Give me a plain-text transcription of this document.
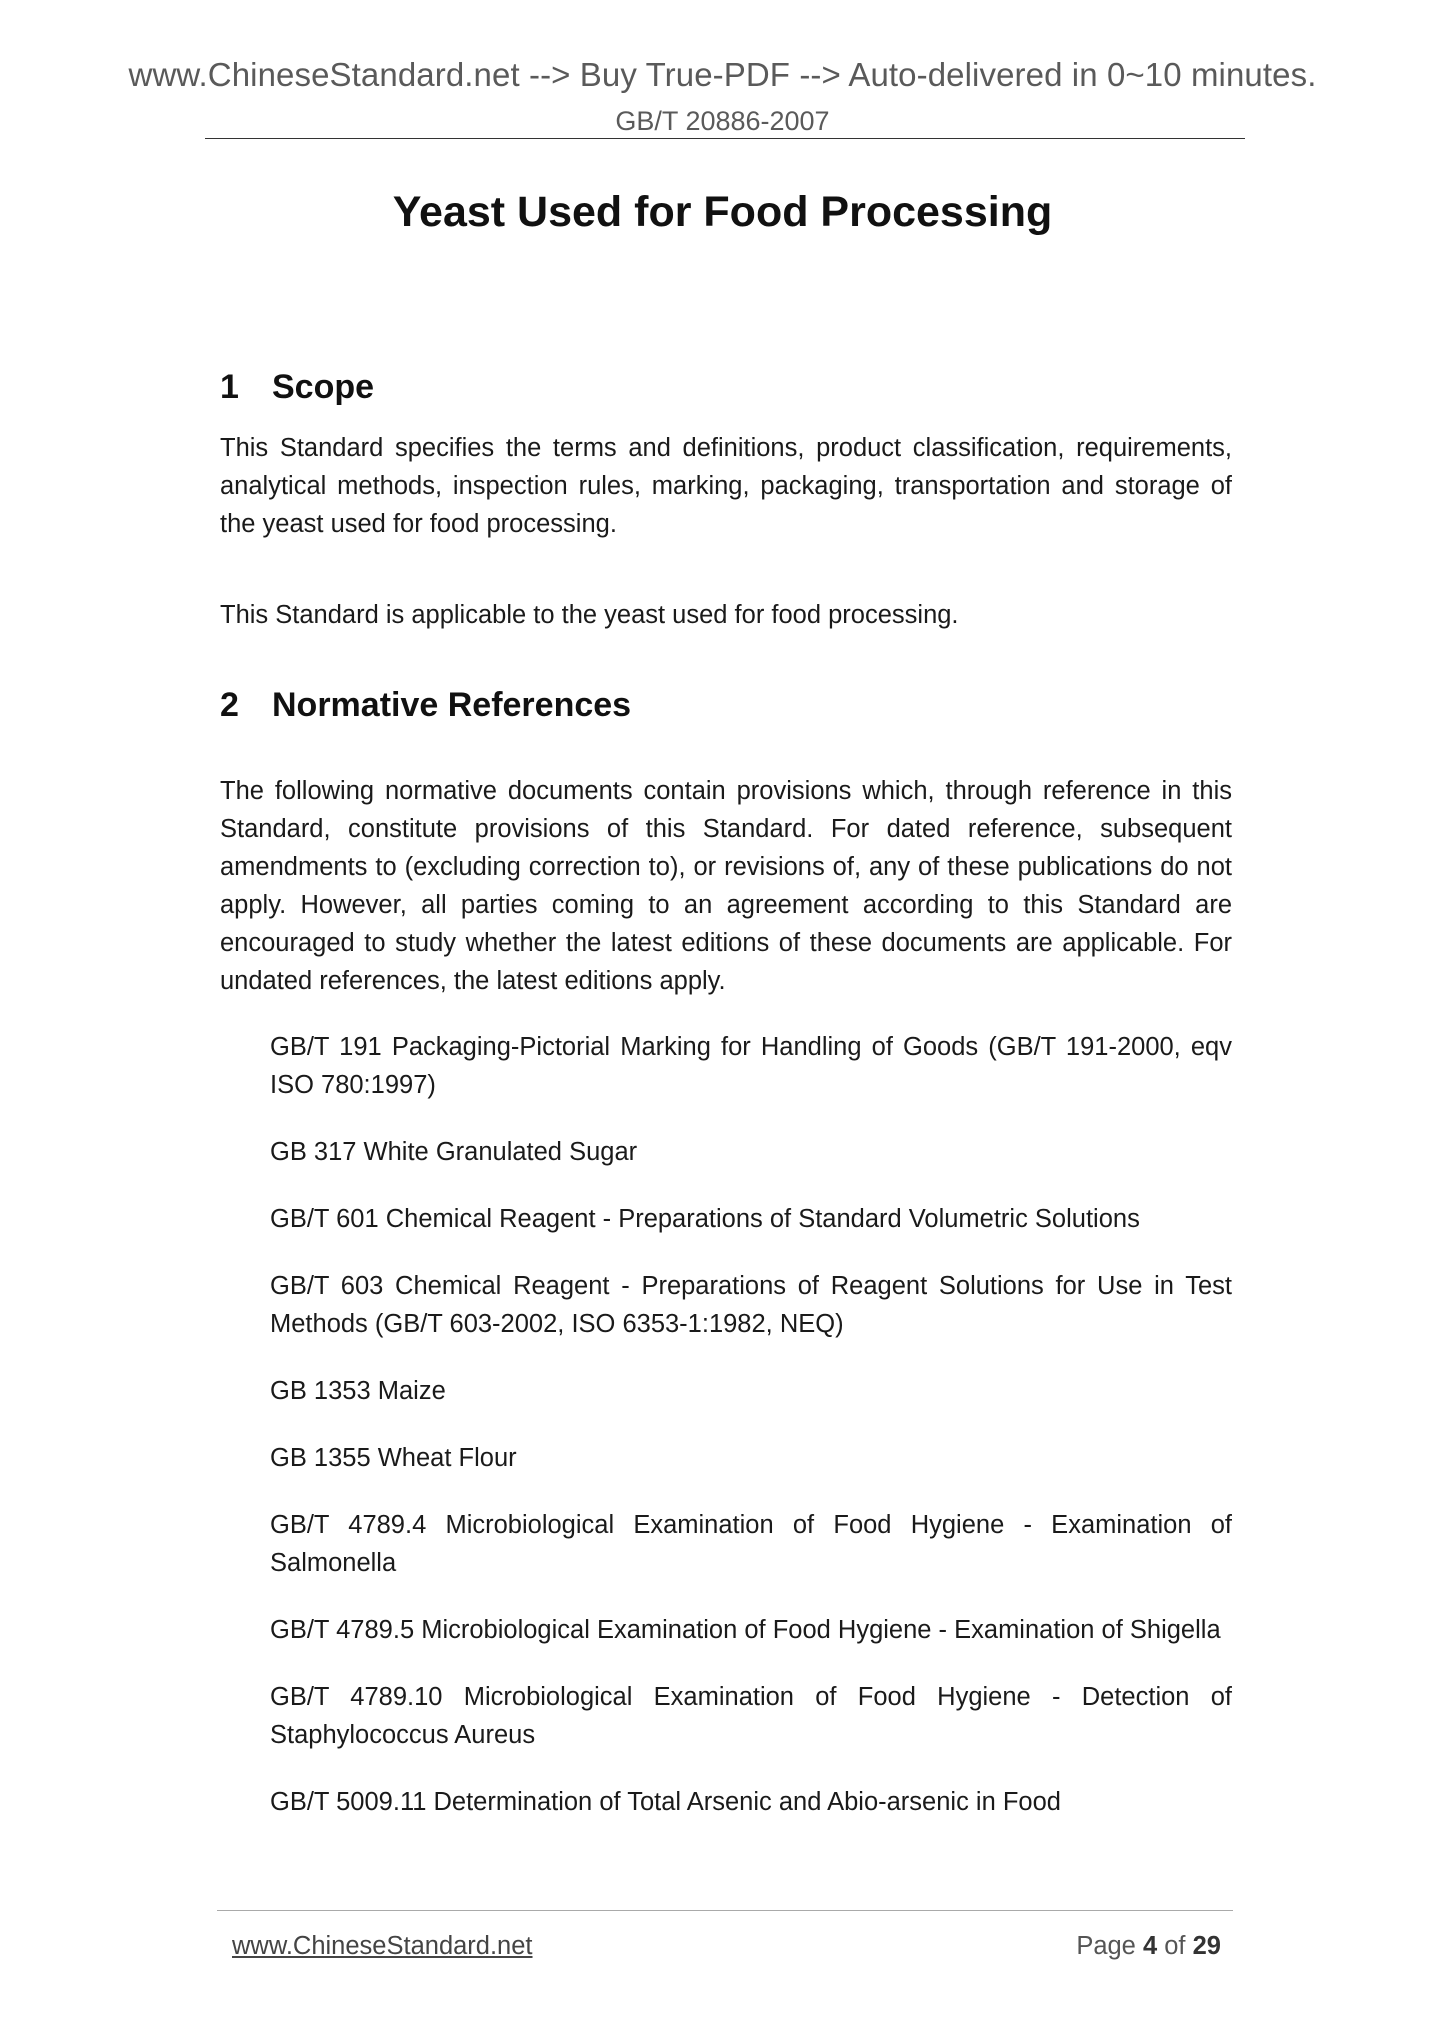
www.ChineseStandard.net --> Buy True-PDF --> Auto-delivered in 0~10 minutes.
GB/T 20886-2007
Yeast Used for Food Processing
1 Scope

This Standard specifies the terms and definitions, product classification, requirements, analytical methods, inspection rules, marking, packaging, transportation and storage of the yeast used for food processing.

This Standard is applicable to the yeast used for food processing.

2 Normative References

The following normative documents contain provisions which, through reference in this Standard, constitute provisions of this Standard. For dated reference, subsequent amendments to (excluding correction to), or revisions of, any of these publications do not apply. However, all parties coming to an agreement according to this Standard are encouraged to study whether the latest editions of these documents are applicable. For undated references, the latest editions apply.

GB/T 191 Packaging-Pictorial Marking for Handling of Goods (GB/T 191-2000, eqv ISO 780:1997)
GB 317 White Granulated Sugar
GB/T 601 Chemical Reagent - Preparations of Standard Volumetric Solutions
GB/T 603 Chemical Reagent - Preparations of Reagent Solutions for Use in Test Methods (GB/T 603-2002, ISO 6353-1:1982, NEQ)
GB 1353 Maize
GB 1355 Wheat Flour
GB/T 4789.4 Microbiological Examination of Food Hygiene - Examination of Salmonella
GB/T 4789.5 Microbiological Examination of Food Hygiene - Examination of Shigella
GB/T 4789.10 Microbiological Examination of Food Hygiene - Detection of Staphylococcus Aureus
GB/T 5009.11 Determination of Total Arsenic and Abio-arsenic in Food
www.ChineseStandard.net	Page 4 of 29
